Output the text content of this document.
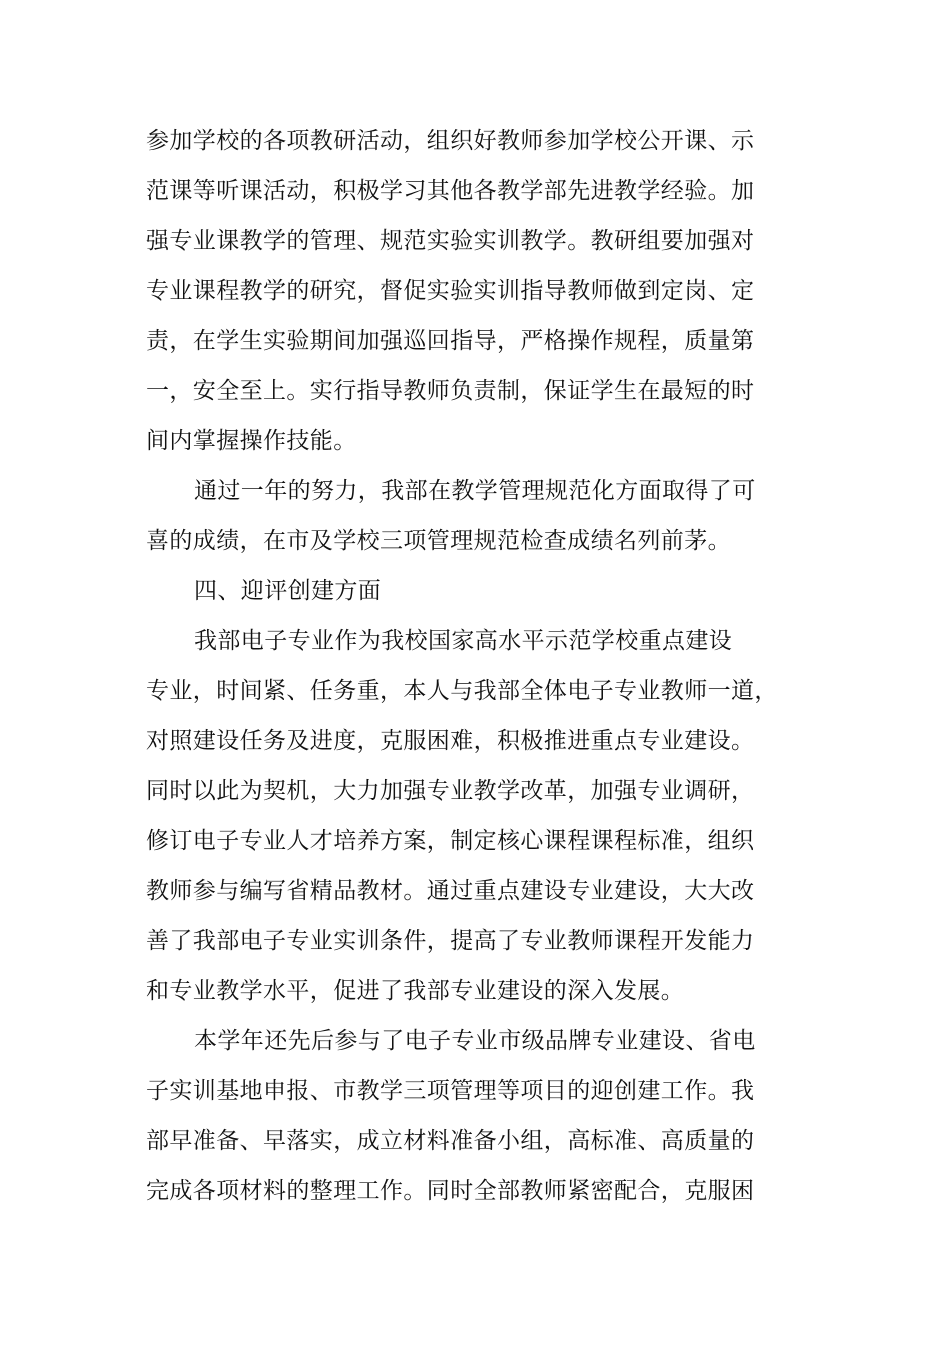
参加学校的各项教研活动，组织好教师参加学校公开课、示
范课等听课活动，积极学习其他各教学部先进教学经验。加
强专业课教学的管理、规范实验实训教学。教研组要加强对
专业课程教学的研究，督促实验实训指导教师做到定岗、定
责，在学生实验期间加强巡回指导，严格操作规程，质量第
一，安全至上。实行指导教师负责制，保证学生在最短的时
间内掌握操作技能。
通过一年的努力，我部在教学管理规范化方面取得了可
喜的成绩，在市及学校三项管理规范检查成绩名列前茅。
四、迎评创建方面
我部电子专业作为我校国家高水平示范学校重点建设
专业，时间紧、任务重，本人与我部全体电子专业教师一道，
对照建设任务及进度，克服困难，积极推进重点专业建设。
同时以此为契机，大力加强专业教学改革，加强专业调研，
修订电子专业人才培养方案，制定核心课程课程标准，组织
教师参与编写省精品教材。通过重点建设专业建设，大大改
善了我部电子专业实训条件，提高了专业教师课程开发能力
和专业教学水平，促进了我部专业建设的深入发展。
本学年还先后参与了电子专业市级品牌专业建设、省电
子实训基地申报、市教学三项管理等项目的迎创建工作。我
部早准备、早落实，成立材料准备小组，高标准、高质量的
完成各项材料的整理工作。同时全部教师紧密配合，克服困
